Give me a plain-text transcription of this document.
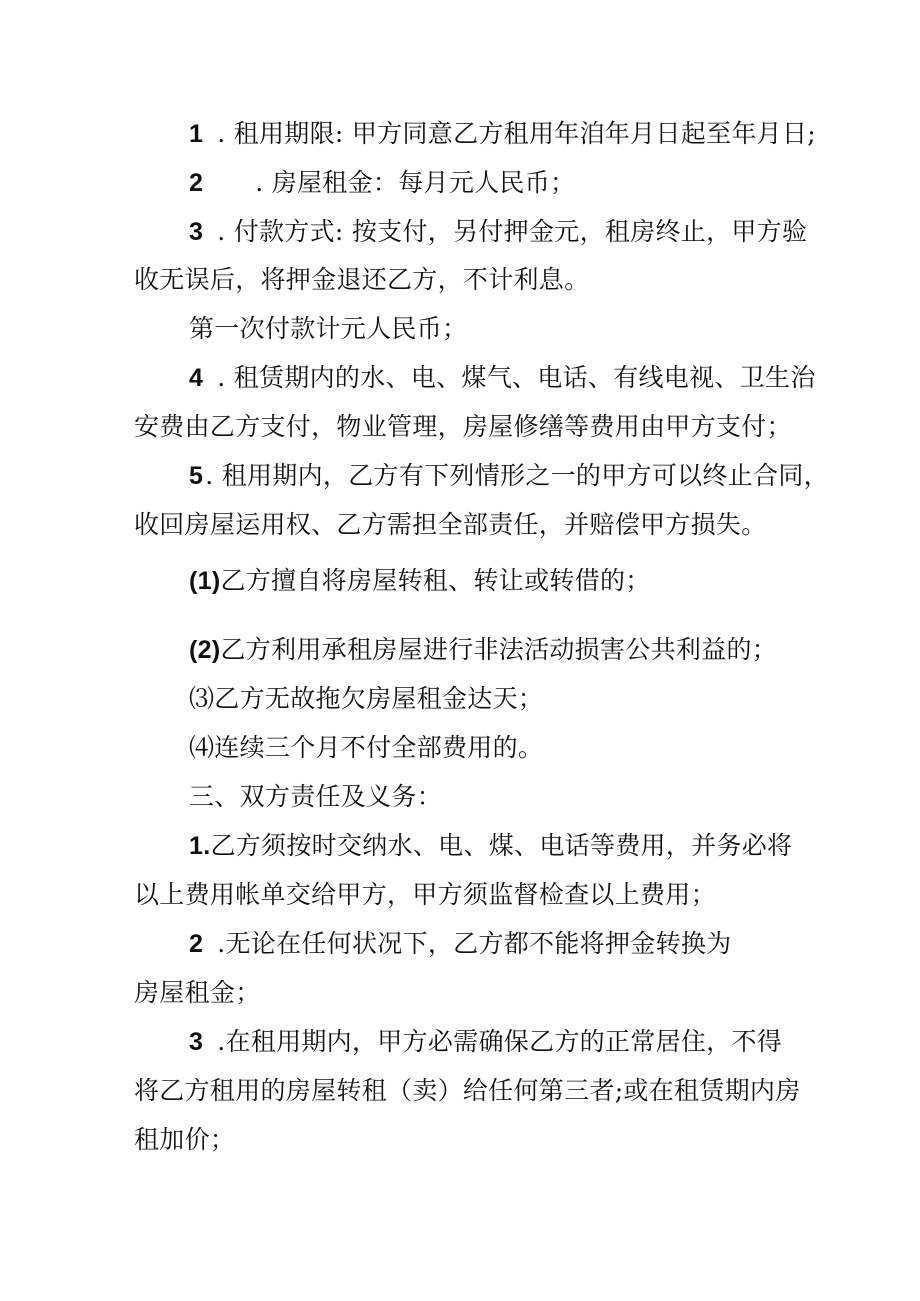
1 . 租用期限: 甲方同意乙方租用年洎年月日起至年月日;
2 . 房屋租金：每月元人民币；
3 . 付款方式: 按支付，另付押金元，租房终止，甲方验
收无误后，将押金退还乙方，不计利息。
第一次付款计元人民币；
4 . 租赁期内的水、电、煤气、电话、有线电视、卫生治
安费由乙方支付，物业管理，房屋修缮等费用由甲方支付；
5. 租用期内，乙方有下列情形之一的甲方可以终止合同，
收回房屋运用权、乙方需担全部责任，并赔偿甲方损失。
(1)乙方擅自将房屋转租、转让或转借的；
(2)乙方利用承租房屋进行非法活动损害公共利益的；
⑶乙方无故拖欠房屋租金达天；
⑷连续三个月不付全部费用的。
三、双方责任及义务：
1.乙方须按时交纳水、电、煤、电话等费用，并务必将
以上费用帐单交给甲方，甲方须监督检查以上费用；
2 .无论在任何状况下，乙方都不能将押金转换为
房屋租金；
3 .在租用期内，甲方必需确保乙方的正常居住，不得
将乙方租用的房屋转租（卖）给任何第三者;或在租赁期内房
租加价；
